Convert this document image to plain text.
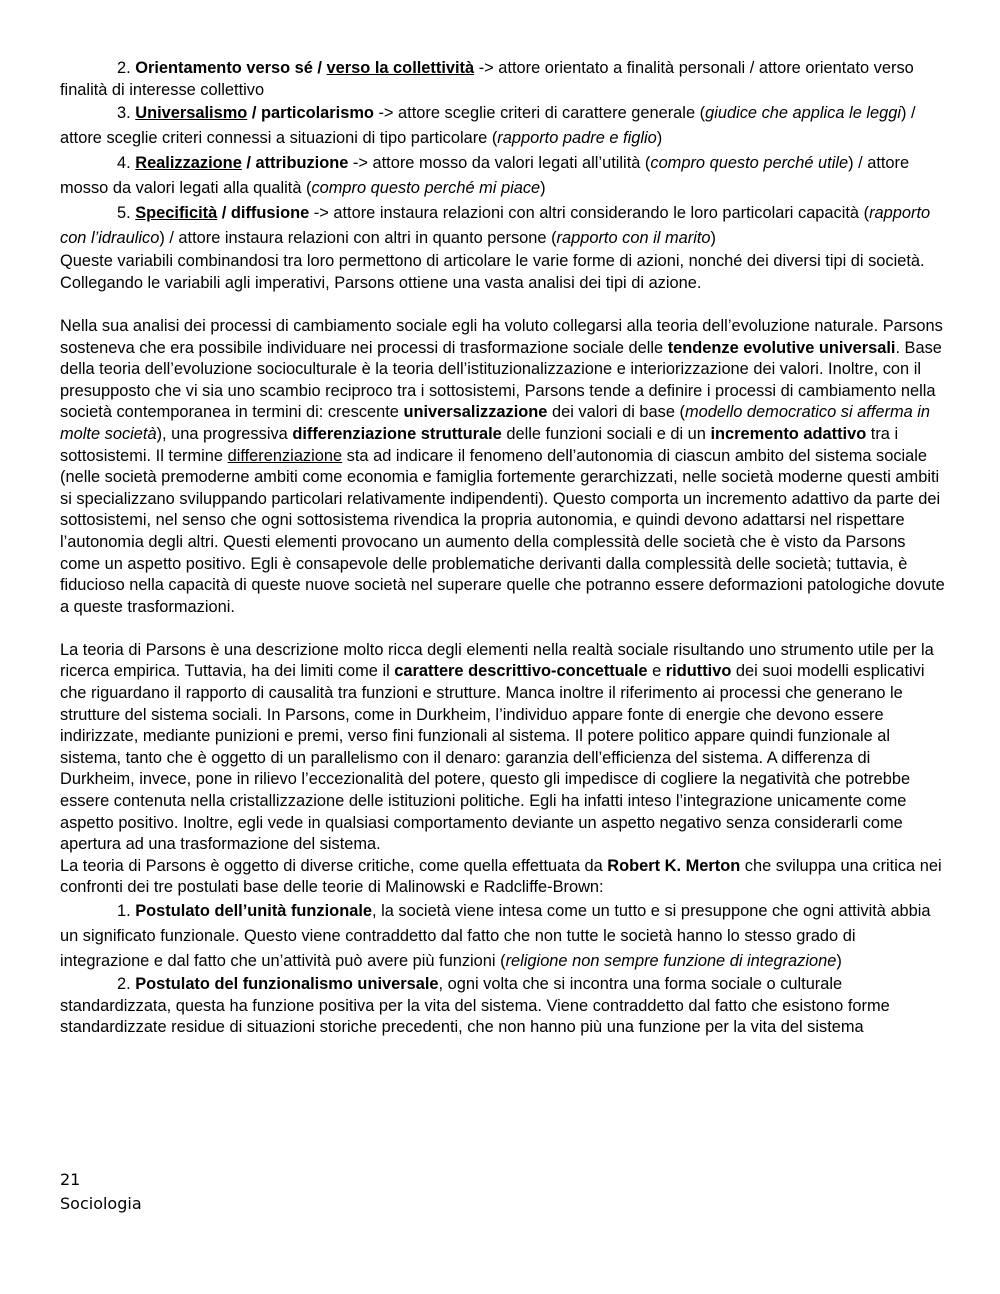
2. Orientamento verso sé / verso la collettività -> attore orientato a finalità personali / attore orientato verso finalità di interesse collettivo

3. Universalismo / particolarismo -> attore sceglie criteri di carattere generale (giudice che applica le leggi) / attore sceglie criteri connessi a situazioni di tipo particolare (rapporto padre e figlio)

4. Realizzazione / attribuzione -> attore mosso da valori legati all’utilità (compro questo perché utile) / attore mosso da valori legati alla qualità (compro questo perché mi piace)

5. Specificità / diffusione -> attore instaura relazioni con altri considerando le loro particolari capacità (rapporto con l’idraulico) / attore instaura relazioni con altri in quanto persone (rapporto con il marito)

Queste variabili combinandosi tra loro permettono di articolare le varie forme di azioni, nonché dei diversi tipi di società. Collegando le variabili agli imperativi, Parsons ottiene una vasta analisi dei tipi di azione.

Nella sua analisi dei processi di cambiamento sociale egli ha voluto collegarsi alla teoria dell’evoluzione naturale. Parsons sosteneva che era possibile individuare nei processi di trasformazione sociale delle tendenze evolutive universali. Base della teoria dell’evoluzione socioculturale è la teoria dell’istituzionalizzazione e interiorizzazione dei valori. Inoltre, con il presupposto che vi sia uno scambio reciproco tra i sottosistemi, Parsons tende a definire i processi di cambiamento nella società contemporanea in termini di: crescente universalizzazione dei valori di base (modello democratico si afferma in molte società), una progressiva differenziazione strutturale delle funzioni sociali e di un incremento adattivo tra i sottosistemi. Il termine differenziazione sta ad indicare il fenomeno dell’autonomia di ciascun ambito del sistema sociale (nelle società premoderne ambiti come economia e famiglia fortemente gerarchizzati, nelle società moderne questi ambiti si specializzano sviluppando particolari relativamente indipendenti). Questo comporta un incremento adattivo da parte dei sottosistemi, nel senso che ogni sottosistema rivendica la propria autonomia, e quindi devono adattarsi nel rispettare l’autonomia degli altri. Questi elementi provocano un aumento della complessità delle società che è visto da Parsons come un aspetto positivo. Egli è consapevole delle problematiche derivanti dalla complessità delle società; tuttavia, è fiducioso nella capacità di queste nuove società nel superare quelle che potranno essere deformazioni patologiche dovute a queste trasformazioni.

La teoria di Parsons è una descrizione molto ricca degli elementi nella realtà sociale risultando uno strumento utile per la ricerca empirica. Tuttavia, ha dei limiti come il carattere descrittivo-concettuale e riduttivo dei suoi modelli esplicativi che riguardano il rapporto di causalità tra funzioni e strutture. Manca inoltre il riferimento ai processi che generano le strutture del sistema sociali. In Parsons, come in Durkheim, l’individuo appare fonte di energie che devono essere indirizzate, mediante punizioni e premi, verso fini funzionali al sistema. Il potere politico appare quindi funzionale al sistema, tanto che è oggetto di un parallelismo con il denaro: garanzia dell’efficienza del sistema. A differenza di Durkheim, invece, pone in rilievo l’eccezionalità del potere, questo gli impedisce di cogliere la negatività che potrebbe essere contenuta nella cristallizzazione delle istituzioni politiche. Egli ha infatti inteso l’integrazione unicamente come aspetto positivo. Inoltre, egli vede in qualsiasi comportamento deviante un aspetto negativo senza considerarli come apertura ad una trasformazione del sistema.

La teoria di Parsons è oggetto di diverse critiche, come quella effettuata da Robert K. Merton che sviluppa una critica nei confronti dei tre postulati base delle teorie di Malinowski e Radcliffe-Brown:

1. Postulato dell’unità funzionale, la società viene intesa come un tutto e si presuppone che ogni attività abbia un significato funzionale. Questo viene contraddetto dal fatto che non tutte le società hanno lo stesso grado di integrazione e dal fatto che un’attività può avere più funzioni (religione non sempre funzione di integrazione)

2. Postulato del funzionalismo universale, ogni volta che si incontra una forma sociale o culturale standardizzata, questa ha funzione positiva per la vita del sistema. Viene contraddetto dal fatto che esistono forme standardizzate residue di situazioni storiche precedenti, che non hanno più una funzione per la vita del sistema

21
Sociologia
